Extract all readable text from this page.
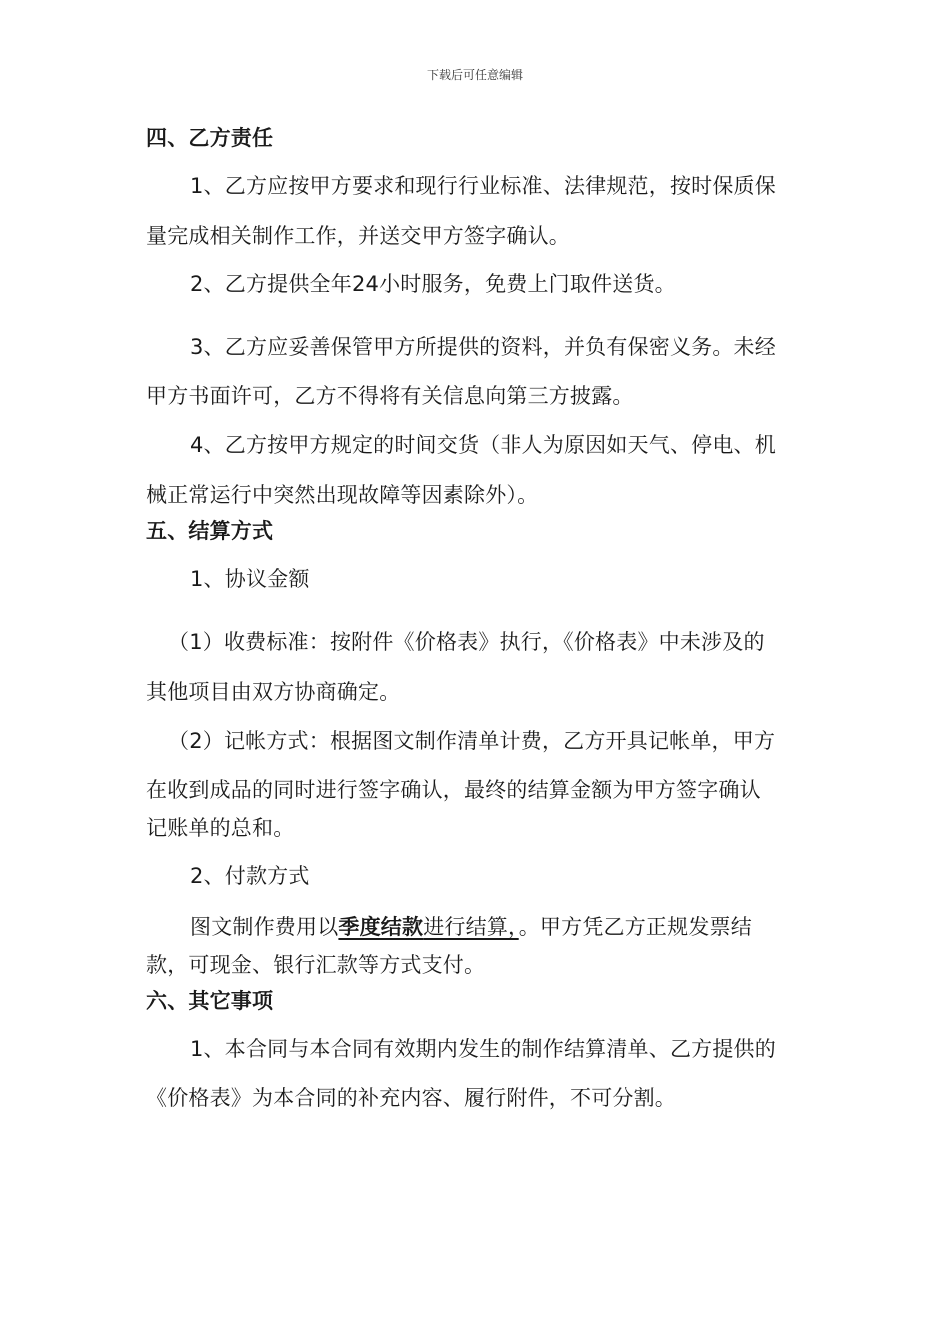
下载后可任意编辑
四、乙方责任
1、乙方应按甲方要求和现行行业标准、法律规范，按时保质保
量完成相关制作工作，并送交甲方签字确认。
2、乙方提供全年24小时服务，免费上门取件送货。
3、乙方应妥善保管甲方所提供的资料，并负有保密义务。未经
甲方书面许可，乙方不得将有关信息向第三方披露。
4、乙方按甲方规定的时间交货（非人为原因如天气、停电、机
械正常运行中突然出现故障等因素除外）。
五、结算方式
1、协议金额
（1）收费标准：按附件《价格表》执行，《价格表》中未涉及的
其他项目由双方协商确定。
（2）记帐方式：根据图文制作清单计费，乙方开具记帐单，甲方
在收到成品的同时进行签字确认，最终的结算金额为甲方签字确认
记账单的总和。
2、付款方式
图文制作费用以季度结款进行结算，。甲方凭乙方正规发票结
款，可现金、银行汇款等方式支付。
六、其它事项
1、本合同与本合同有效期内发生的制作结算清单、乙方提供的
《价格表》为本合同的补充内容、履行附件，不可分割。
